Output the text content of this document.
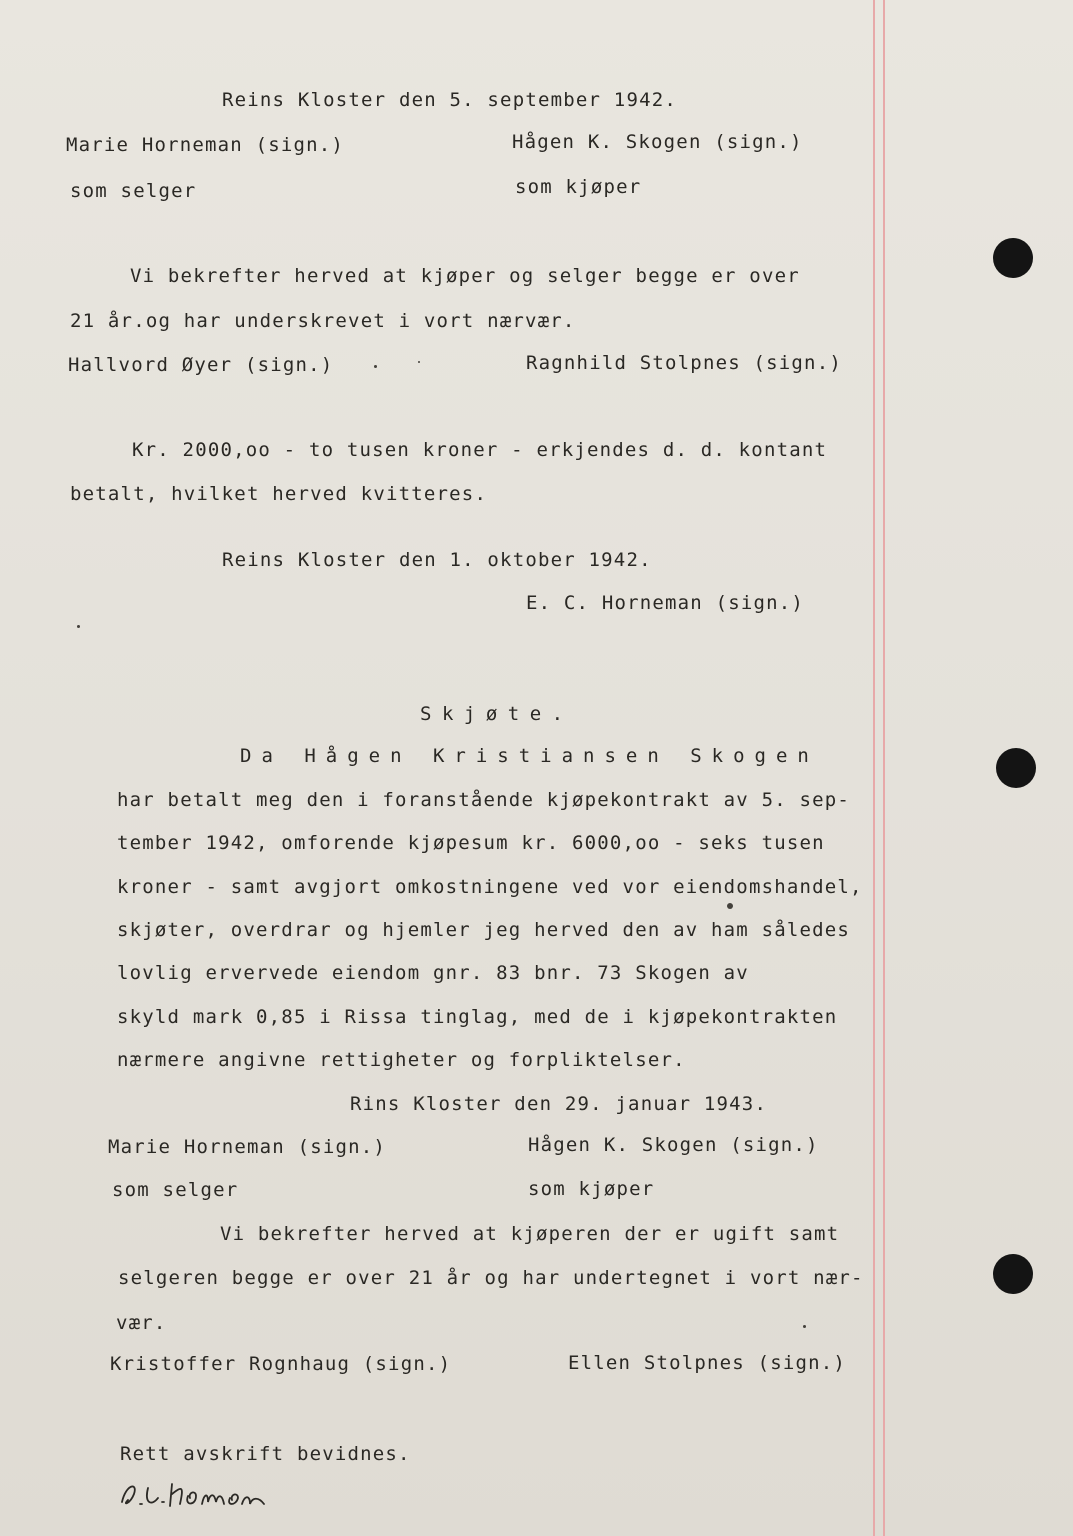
Reins Kloster den 5. september 1942.
Marie Horneman (sign.)	Hågen K. Skogen (sign.)
som selger	som kjøper
Vi bekrefter herved at kjøper og selger begge er over
21 år.og har underskrevet i vort nærvær.
Hallvord Øyer (sign.)	Ragnhild Stolpnes (sign.)
Kr. 2000,oo - to tusen kroner - erkjendes d. d. kontant
betalt, hvilket herved kvitteres.
Reins Kloster den 1. oktober 1942.
E. C. Horneman (sign.)
Skjøte.
Da Hågen Kristiansen Skogen
har betalt meg den i foranstående kjøpekontrakt av 5. sep-
tember 1942, omforende kjøpesum kr. 6000,oo - seks tusen
kroner - samt avgjort omkostningene ved vor eiendomshandel,
skjøter, overdrar og hjemler jeg herved den av ham således
lovlig ervervede eiendom gnr. 83 bnr. 73 Skogen av
skyld mark 0,85 i Rissa tinglag, med de i kjøpekontrakten
nærmere angivne rettigheter og forpliktelser.
Rins Kloster den 29. januar 1943.
Marie Horneman (sign.)	Hågen K. Skogen (sign.)
som selger	som kjøper
Vi bekrefter herved at kjøperen der er ugift samt
selgeren begge er over 21 år og har undertegnet i vort nær-
vær.
Kristoffer Rognhaug (sign.)	Ellen Stolpnes (sign.)
Rett avskrift bevidnes.
